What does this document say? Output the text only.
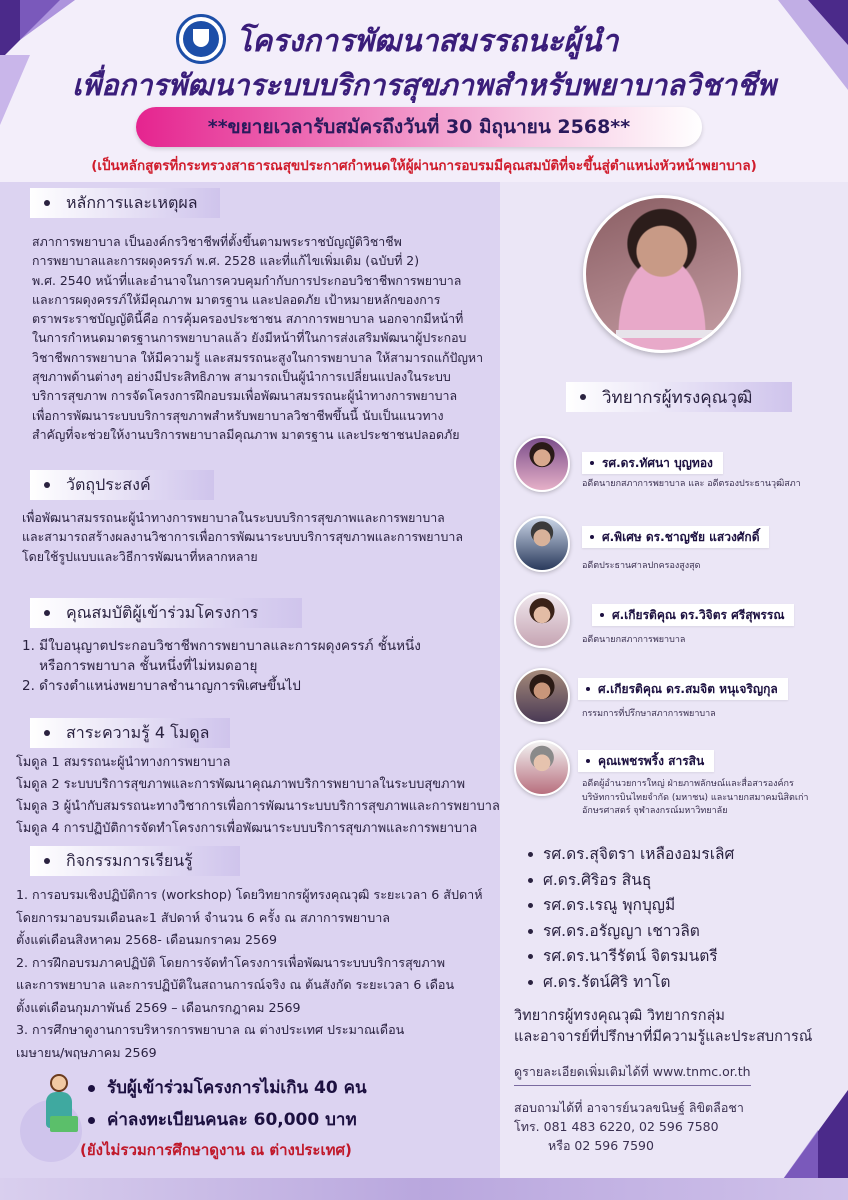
โครงการพัฒนาสมรรถนะผู้นำ
เพื่อการพัฒนาระบบบริการสุขภาพสำหรับพยาบาลวิชาชีพ
**ขยายเวลารับสมัครถึงวันที่ 30 มิถุนายน 2568**
(เป็นหลักสูตรที่กระทรวงสาธารณสุขประกาศกำหนดให้ผู้ผ่านการอบรมมีคุณสมบัติที่จะขึ้นสู่ตำแหน่งหัวหน้าพยาบาล)
หลักการและเหตุผล
สภาการพยาบาล เป็นองค์กรวิชาชีพที่ตั้งขึ้นตามพระราชบัญญัติวิชาชีพ
การพยาบาลและการผดุงครรภ์ พ.ศ. 2528 และที่แก้ไขเพิ่มเติม (ฉบับที่ 2)
พ.ศ. 2540 หน้าที่และอำนาจในการควบคุมกำกับการประกอบวิชาชีพการพยาบาล
และการผดุงครรภ์ให้มีคุณภาพ มาตรฐาน และปลอดภัย เป้าหมายหลักของการ
ตราพระราชบัญญัตินี้คือ การคุ้มครองประชาชน สภาการพยาบาล นอกจากมีหน้าที่
ในการกำหนดมาตรฐานการพยาบาลแล้ว ยังมีหน้าที่ในการส่งเสริมพัฒนาผู้ประกอบ
วิชาชีพการพยาบาล ให้มีความรู้ และสมรรถนะสูงในการพยาบาล ให้สามารถแก้ปัญหา
สุขภาพด้านต่างๆ อย่างมีประสิทธิภาพ สามารถเป็นผู้นำการเปลี่ยนแปลงในระบบ
บริการสุขภาพ การจัดโครงการฝึกอบรมเพื่อพัฒนาสมรรถนะผู้นำทางการพยาบาล
เพื่อการพัฒนาระบบบริการสุขภาพสำหรับพยาบาลวิชาชีพขึ้นนี้ นับเป็นแนวทาง
สำคัญที่จะช่วยให้งานบริการพยาบาลมีคุณภาพ มาตรฐาน และประชาชนปลอดภัย
วัตถุประสงค์
เพื่อพัฒนาสมรรถนะผู้นำทางการพยาบาลในระบบบริการสุขภาพและการพยาบาล
และสามารถสร้างผลงานวิชาการเพื่อการพัฒนาระบบบริการสุขภาพและการพยาบาล
โดยใช้รูปแบบและวิธีการพัฒนาที่หลากหลาย
คุณสมบัติผู้เข้าร่วมโครงการ
1. มีใบอนุญาตประกอบวิชาชีพการพยาบาลและการผดุงครรภ์ ชั้นหนึ่ง
หรือการพยาบาล ชั้นหนึ่งที่ไม่หมดอายุ
2. ดำรงตำแหน่งพยาบาลชำนาญการพิเศษขึ้นไป
สาระความรู้ 4 โมดูล
โมดูล 1 สมรรถนะผู้นำทางการพยาบาล
โมดูล 2 ระบบบริการสุขภาพและการพัฒนาคุณภาพบริการพยาบาลในระบบสุขภาพ
โมดูล 3 ผู้นำกับสมรรถนะทางวิชาการเพื่อการพัฒนาระบบบริการสุขภาพและการพยาบาล
โมดูล 4 การปฏิบัติการจัดทำโครงการเพื่อพัฒนาระบบบริการสุขภาพและการพยาบาล
กิจกรรมการเรียนรู้
1. การอบรมเชิงปฏิบัติการ (workshop) โดยวิทยากรผู้ทรงคุณวุฒิ ระยะเวลา 6 สัปดาห์
โดยการมาอบรมเดือนละ1 สัปดาห์ จำนวน 6 ครั้ง ณ สภาการพยาบาล
ตั้งแต่เดือนสิงหาคม 2568- เดือนมกราคม 2569
2. การฝึกอบรมภาคปฏิบัติ โดยการจัดทำโครงการเพื่อพัฒนาระบบบริการสุขภาพ
และการพยาบาล และการปฏิบัติในสถานการณ์จริง ณ ต้นสังกัด ระยะเวลา 6 เดือน
ตั้งแต่เดือนกุมภาพันธ์ 2569 – เดือนกรกฎาคม 2569
3. การศึกษาดูงานการบริหารการพยาบาล ณ ต่างประเทศ ประมาณเดือน
เมษายน/พฤษภาคม 2569
รับผู้เข้าร่วมโครงการไม่เกิน 40 คน
ค่าลงทะเบียนคนละ 60,000 บาท
(ยังไม่รวมการศึกษาดูงาน ณ ต่างประเทศ)
วิทยากรผู้ทรงคุณวุฒิ
รศ.ดร.ทัศนา บุญทอง
อดีตนายกสภาการพยาบาล และ อดีตรองประธานวุฒิสภา
ศ.พิเศษ ดร.ชาญชัย แสวงศักดิ์
อดีตประธานศาลปกครองสูงสุด
ศ.เกียรติคุณ ดร.วิจิตร ศรีสุพรรณ
อดีตนายกสภาการพยาบาล
ศ.เกียรติคุณ ดร.สมจิต หนุเจริญกุล
กรรมการที่ปรึกษาสภาการพยาบาล
คุณเพชรพริ้ง สารสิน
อดีตผู้อำนวยการใหญ่ ฝ่ายภาพลักษณ์และสื่อสารองค์กร
บริษัทการบินไทยจำกัด (มหาชน) และนายกสมาคมนิสิตเก่า
อักษรศาสตร์ จุฬาลงกรณ์มหาวิทยาลัย
รศ.ดร.สุจิตรา เหลืองอมรเลิศ
ศ.ดร.ศิริอร สินธุ
รศ.ดร.เรณู พุกบุญมี
รศ.ดร.อรัญญา เชาวลิต
รศ.ดร.นารีรัตน์ จิตรมนตรี
ศ.ดร.รัตน์ศิริ ทาโต
วิทยากรผู้ทรงคุณวุฒิ วิทยากรกลุ่ม
และอาจารย์ที่ปรึกษาที่มีความรู้และประสบการณ์
ดูรายละเอียดเพิ่มเติมได้ที่ www.tnmc.or.th
สอบถามได้ที่ อาจารย์นวลขนิษฐ์ ลิขิตลือชา
โทร. 081 483 6220, 02 596 7580
หรือ 02 596 7590
